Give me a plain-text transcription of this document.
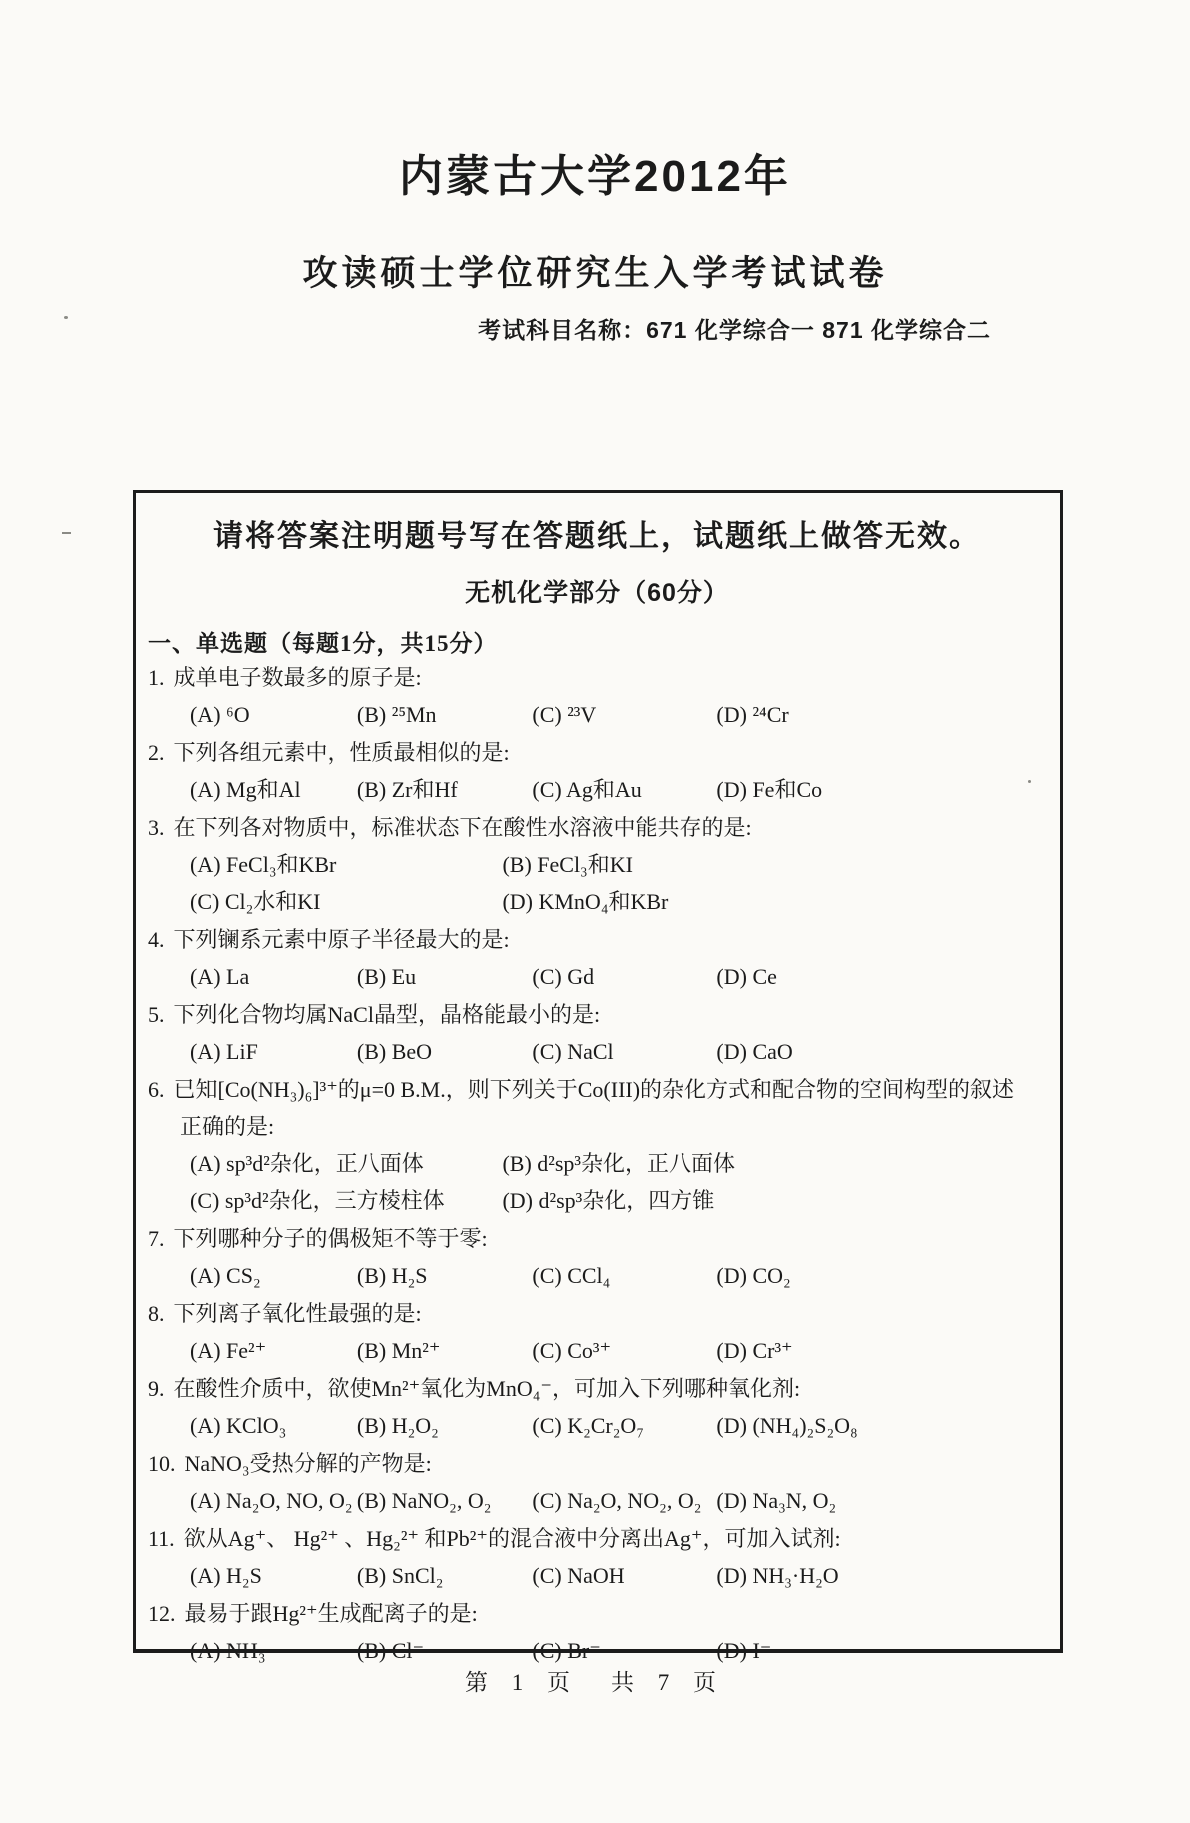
内蒙古大学2012年
攻读硕士学位研究生入学考试试卷
考试科目名称：671 化学综合一 871 化学综合二
请将答案注明题号写在答题纸上，试题纸上做答无效。
无机化学部分（60分）
一、单选题（每题1分，共15分）
1. 成单电子数最多的原子是:
(A) ⁶O	(B) ²⁵Mn	(C) ²³V	(D) ²⁴Cr
2. 下列各组元素中，性质最相似的是:
(A) Mg和Al	(B) Zr和Hf	(C) Ag和Au	(D) Fe和Co
3. 在下列各对物质中，标准状态下在酸性水溶液中能共存的是:
(A) FeCl₃和KBr	(B) FeCl₃和KI
(C) Cl₂水和KI	(D) KMnO₄和KBr
4. 下列镧系元素中原子半径最大的是:
(A) La	(B) Eu	(C) Gd	(D) Ce
5. 下列化合物均属NaCl晶型，晶格能最小的是:
(A) LiF	(B) BeO	(C) NaCl	(D) CaO
6. 已知[Co(NH₃)₆]³⁺的μ=0 B.M.，则下列关于Co(III)的杂化方式和配合物的空间构型的叙述
正确的是:
(A) sp³d²杂化，正八面体	(B) d²sp³杂化，正八面体
(C) sp³d²杂化，三方棱柱体	(D) d²sp³杂化，四方锥
7. 下列哪种分子的偶极矩不等于零:
(A) CS₂	(B) H₂S	(C) CCl₄	(D) CO₂
8. 下列离子氧化性最强的是:
(A) Fe²⁺	(B) Mn²⁺	(C) Co³⁺	(D) Cr³⁺
9. 在酸性介质中，欲使Mn²⁺氧化为MnO₄⁻，可加入下列哪种氧化剂:
(A) KClO₃	(B) H₂O₂	(C) K₂Cr₂O₇	(D) (NH₄)₂S₂O₈
10. NaNO₃受热分解的产物是:
(A) Na₂O, NO, O₂ (B) NaNO₂, O₂	(C) Na₂O, NO₂, O₂ (D) Na₃N, O₂
11. 欲从Ag⁺、 Hg²⁺ 、Hg₂²⁺ 和Pb²⁺的混合液中分离出Ag⁺，可加入试剂:
(A) H₂S	(B) SnCl₂	(C) NaOH	(D) NH₃·H₂O
12. 最易于跟Hg²⁺生成配离子的是:
(A) NH₃	(B) Cl⁻	(C) Br⁻	(D) I⁻
第 1 页　共 7 页
